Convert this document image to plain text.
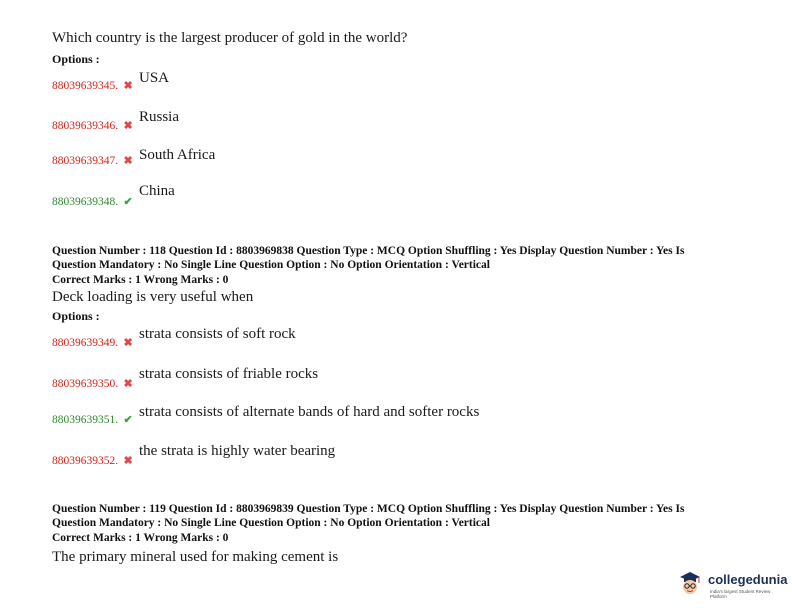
Which country is the largest producer of gold in the world?
Options :
88039639345. ✖ USA
88039639346. ✖
Russia
88039639347. ✖ South Africa
88039639348. ✔
China
Question Number : 118 Question Id : 8803969838 Question Type : MCQ Option Shuffling : Yes Display Question Number : Yes Is
Question Mandatory : No Single Line Question Option : No Option Orientation : Vertical
Correct Marks : 1 Wrong Marks : 0
Deck loading is very useful when
Options :
88039639349. ✖
strata consists of soft rock
88039639350. ✖
strata consists of friable rocks
88039639351. ✔ strata consists of alternate bands of hard and softer rocks
88039639352. ✖
the strata is highly water bearing
Question Number : 119 Question Id : 8803969839 Question Type : MCQ Option Shuffling : Yes Display Question Number : Yes Is
Question Mandatory : No Single Line Question Option : No Option Orientation : Vertical
Correct Marks : 1 Wrong Marks : 0
The primary mineral used for making cement is
collegedunia
India's largest Student Review Platform
